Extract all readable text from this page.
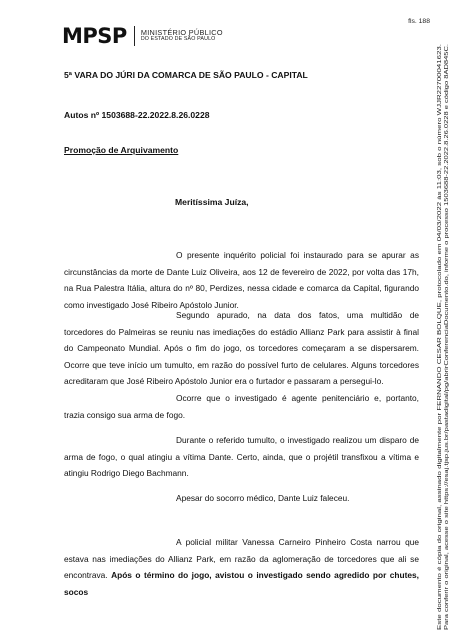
MPSP MINISTÉRIO PÚBLICO
DO ESTADO DE SÃO PAULO
fls. 188
5ª VARA DO JÚRI DA COMARCA DE SÃO PAULO - CAPITAL
Autos nº 1503688-22.2022.8.26.0228
Promoção de Arquivamento
Meritíssima Juíza,

O presente inquérito policial foi instaurado para se apurar as circunstâncias da morte de Dante Luiz Oliveira, aos 12 de fevereiro de 2022, por volta das 17h, na Rua Palestra Itália, altura do nº 80, Perdizes, nessa cidade e comarca da Capital, figurando como investigado José Ribeiro Apóstolo Junior.

Segundo apurado, na data dos fatos, uma multidão de torcedores do Palmeiras se reuniu nas imediações do estádio Allianz Park para assistir à final do Campeonato Mundial. Após o fim do jogo, os torcedores começaram a se dispersarem. Ocorre que teve início um tumulto, em razão do possível furto de celulares. Alguns torcedores acreditaram que José Ribeiro Apóstolo Junior era o furtador e passaram a persegui-lo.

Ocorre que o investigado é agente penitenciário e, portanto, trazia consigo sua arma de fogo.

Durante o referido tumulto, o investigado realizou um disparo de arma de fogo, o qual atingiu a vítima Dante. Certo, ainda, que o projétil transfixou a vítima e atingiu Rodrigo Diego Bachmann.

Apesar do socorro médico, Dante Luiz faleceu.

A policial militar Vanessa Carneiro Pinheiro Costa narrou que estava nas imediações do Allianz Park, em razão da aglomeração de torcedores que ali se encontrava. Após o término do jogo, avistou o investigado sendo agredido por chutes, socos	Este documento é cópia do original, assinado digitalmente por FERNANDO CESAR BOLQUE, protocolado em 04/03/2022 às 11:03, sob o número WJJR22700041623. Para conferir o original, acesse o site https://esaj.tjsp.jus.br/pastadigital/pg/abrirConferenciaDocumento.do, informe o processo 1503688-22.2022.8.26.0228 e código 8AD845C.
